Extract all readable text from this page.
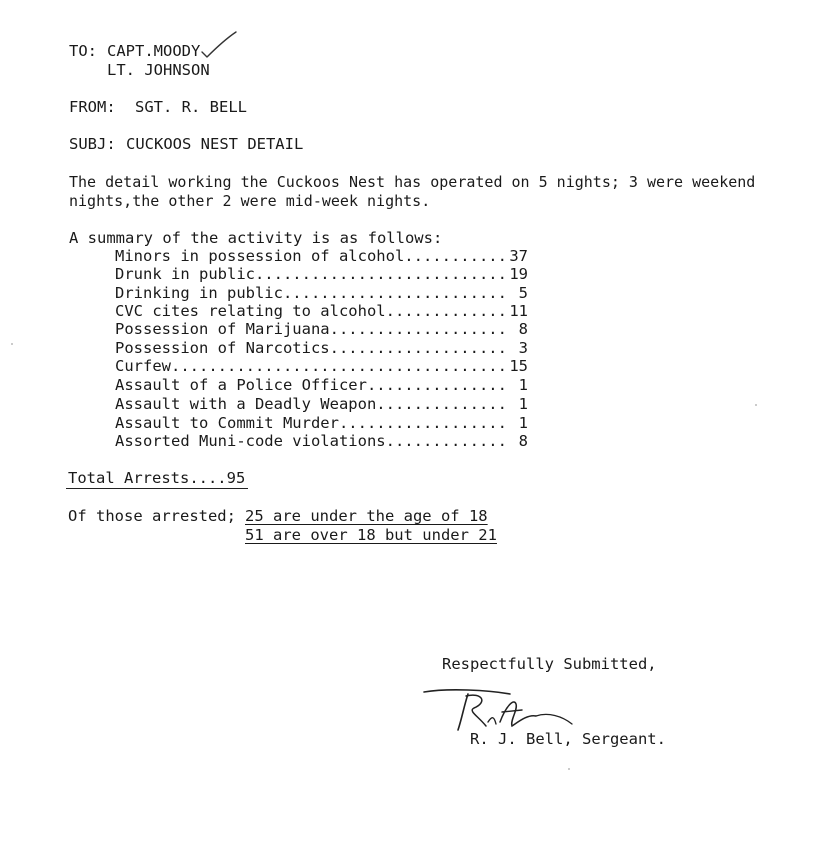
TO: CAPT.MOODY
LT. JOHNSON
FROM: SGT. R. BELL
SUBJ: CUCKOOS NEST DETAIL
The detail working the Cuckoos Nest has operated on 5 nights; 3 were weekend
nights,the other 2 were mid-week nights.
A summary of the activity is as follows:
Minors in possession of alcohol........... 37
Drunk in public........................... 19
Drinking in public........................ 5
CVC cites relating to alcohol............. 11
Possession of Marijuana................... 8
Possession of Narcotics................... 3
Curfew.................................... 15
Assault of a Police Officer............... 1
Assault with a Deadly Weapon.............. 1
Assault to Commit Murder.................. 1
Assorted Muni-code violations............. 8
Total Arrests....95
Of those arrested; 25 are under the age of 18
51 are over 18 but under 21
Respectfully Submitted,
R. J. Bell, Sergeant.
